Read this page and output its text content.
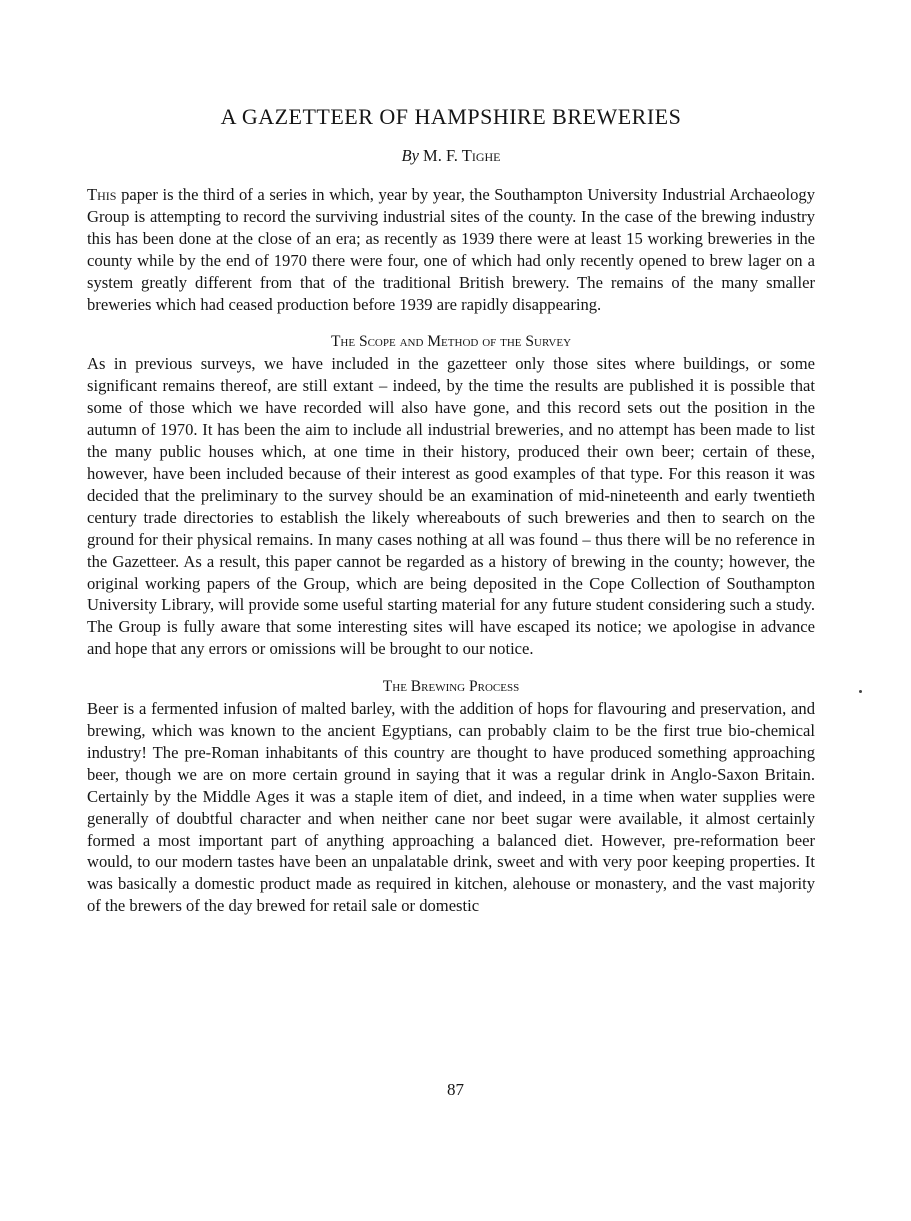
A GAZETTEER OF HAMPSHIRE BREWERIES
By M. F. Tighe

This paper is the third of a series in which, year by year, the Southampton University Industrial Archaeology Group is attempting to record the surviving industrial sites of the county. In the case of the brewing industry this has been done at the close of an era; as recently as 1939 there were at least 15 working breweries in the county while by the end of 1970 there were four, one of which had only recently opened to brew lager on a system greatly different from that of the traditional British brewery. The remains of the many smaller breweries which had ceased production before 1939 are rapidly disappearing.

The Scope and Method of the Survey

As in previous surveys, we have included in the gazetteer only those sites where buildings, or some significant remains thereof, are still extant – indeed, by the time the results are published it is possible that some of those which we have recorded will also have gone, and this record sets out the position in the autumn of 1970. It has been the aim to include all industrial breweries, and no attempt has been made to list the many public houses which, at one time in their history, produced their own beer; certain of these, however, have been included because of their interest as good examples of that type. For this reason it was decided that the preliminary to the survey should be an examination of mid-nineteenth and early twentieth century trade directories to establish the likely whereabouts of such breweries and then to search on the ground for their physical remains. In many cases nothing at all was found – thus there will be no reference in the Gazetteer. As a result, this paper cannot be regarded as a history of brewing in the county; however, the original working papers of the Group, which are being deposited in the Cope Collection of Southampton University Library, will provide some useful starting material for any future student considering such a study. The Group is fully aware that some interesting sites will have escaped its notice; we apologise in advance and hope that any errors or omissions will be brought to our notice.

The Brewing Process

Beer is a fermented infusion of malted barley, with the addition of hops for flavouring and preservation, and brewing, which was known to the ancient Egyptians, can probably claim to be the first true bio-chemical industry! The pre-Roman inhabitants of this country are thought to have produced something approaching beer, though we are on more certain ground in saying that it was a regular drink in Anglo-Saxon Britain. Certainly by the Middle Ages it was a staple item of diet, and indeed, in a time when water supplies were generally of doubtful character and when neither cane nor beet sugar were available, it almost certainly formed a most important part of anything approaching a balanced diet. However, pre-reformation beer would, to our modern tastes have been an unpalatable drink, sweet and with very poor keeping properties. It was basically a domestic product made as required in kitchen, alehouse or monastery, and the vast majority of the brewers of the day brewed for retail sale or domestic

87
